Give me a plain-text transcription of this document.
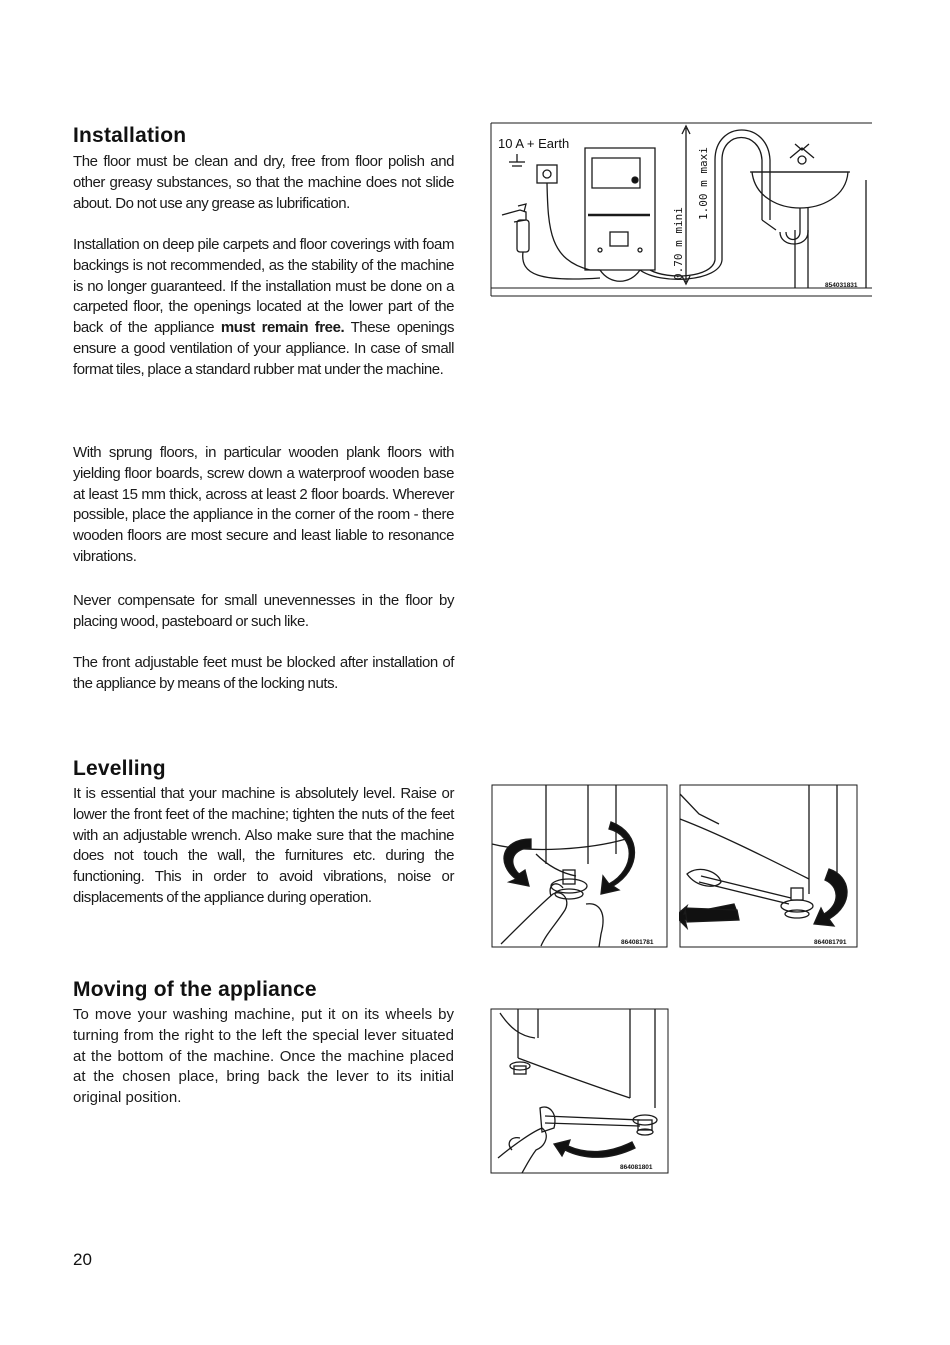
Installation

The floor must be clean and dry, free from floor polish and other greasy substances, so that the machine does not slide about. Do not use any grease as lubrification.

Installation on deep pile carpets and floor coverings with foam backings is not recommended, as the stability of the machine is no longer guaranteed. If the installation must be done on a carpeted floor, the openings located at the lower part of the back of the appliance must remain free. These openings ensure a good ventilation of your appliance. In case of small format tiles, place a standard rubber mat under the machine.

With sprung floors, in particular wooden plank floors with yielding floor boards, screw down a waterproof wooden base at least 15 mm thick, across at least 2 floor boards. Wherever possible, place the appliance in the corner of the room - there wooden floors are most secure and least liable to resonance vibrations.

Never compensate for small unevennesses in the floor by placing wood, pasteboard or such like.

The front adjustable feet must be blocked after installation of the appliance by means of the locking nuts.

10 A + Earth
1.00 m maxi
0.70 m mini
854031831
Levelling

It is essential that your machine is absolutely level. Raise or lower the front feet of the machine; tighten the nuts of the feet with an adjustable wrench. Also make sure that the machine does not touch the wall, the furnitures etc. during the functioning. This in order to avoid vibrations, noise or displacements of the appliance during operation.

864081781	864081791
Moving of the appliance

To move your washing machine, put it on its wheels by turning from the right to the left the special lever situated at the bottom of the machine. Once the machine placed at the chosen place, bring back the lever to its initial original position.

864081801
20
